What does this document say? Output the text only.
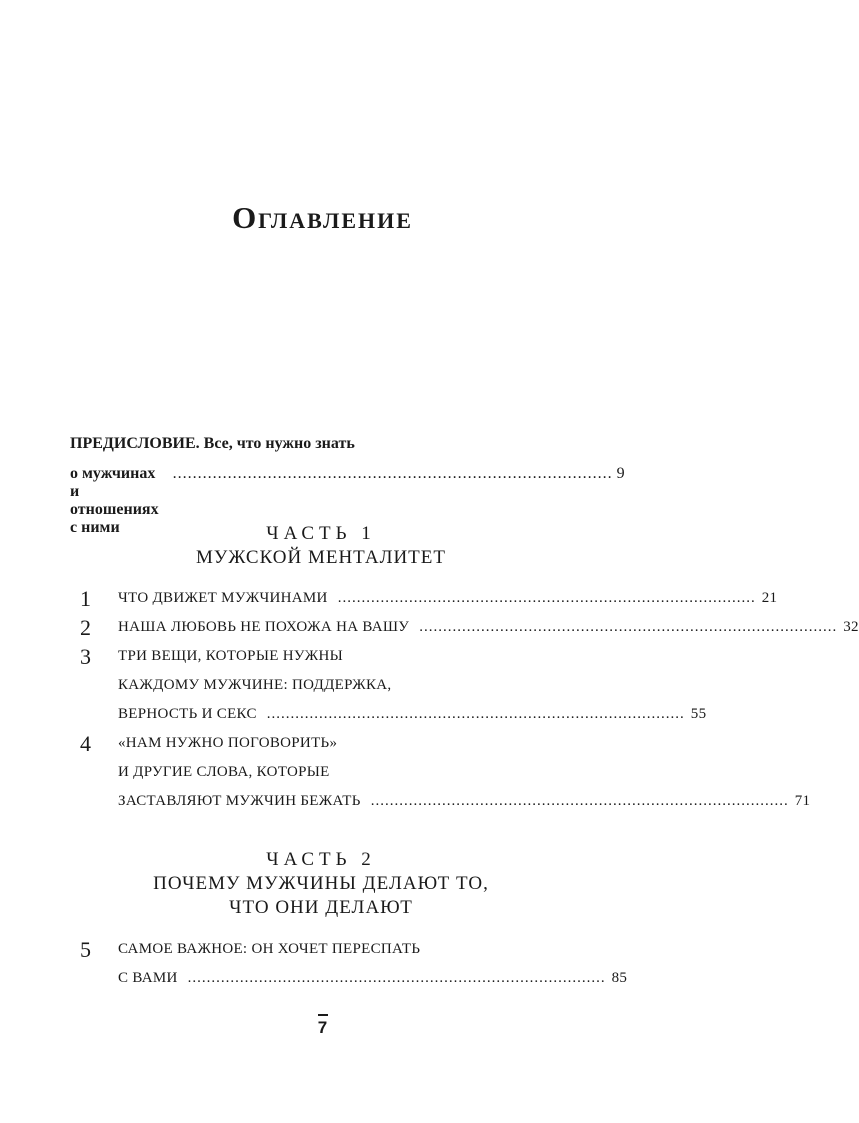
Оглавление
ПРЕДИСЛОВИЕ. Все, что нужно знать
о мужчинах и отношениях с ними
........................................................................................ 9
ЧАСТЬ 1
МУЖСКОЙ МЕНТАЛИТЕТ
1 ЧТО ДВИЖЕТ МУЖЧИНАМИ ........................................................................................ 21
2 НАША ЛЮБОВЬ НЕ ПОХОЖА НА ВАШУ ........................................................................................ 32
3 ТРИ ВЕЩИ, КОТОРЫЕ НУЖНЫ
КАЖДОМУ МУЖЧИНЕ: ПОДДЕРЖКА,
ВЕРНОСТЬ И СЕКС ........................................................................................ 55
4 «НАМ НУЖНО ПОГОВОРИТЬ»
И ДРУГИЕ СЛОВА, КОТОРЫЕ
ЗАСТАВЛЯЮТ МУЖЧИН БЕЖАТЬ ........................................................................................ 71
ЧАСТЬ 2
ПОЧЕМУ МУЖЧИНЫ ДЕЛАЮТ ТО,
ЧТО ОНИ ДЕЛАЮТ
5 САМОЕ ВАЖНОЕ: ОН ХОЧЕТ ПЕРЕСПАТЬ
С ВАМИ ........................................................................................ 85
7
